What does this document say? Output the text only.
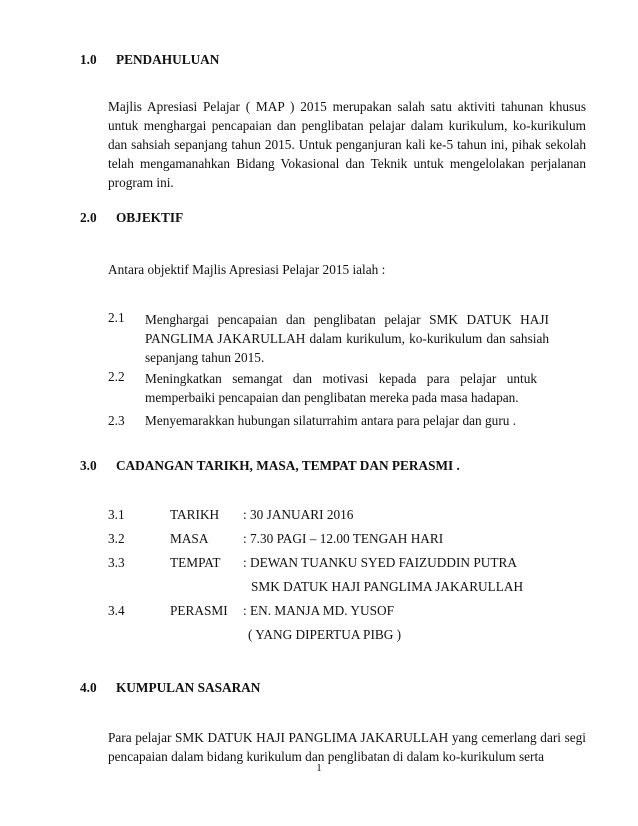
1.0 PENDAHULUAN
Majlis Apresiasi Pelajar ( MAP ) 2015 merupakan salah satu aktiviti tahunan khusus untuk menghargai pencapaian dan penglibatan pelajar dalam kurikulum, ko-kurikulum dan sahsiah sepanjang tahun 2015. Untuk penganjuran kali ke-5 tahun ini, pihak sekolah telah mengamanahkan Bidang Vokasional dan Teknik untuk mengelolakan perjalanan program ini.
2.0 OBJEKTIF
Antara objektif Majlis Apresiasi Pelajar 2015 ialah :
2.1 Menghargai pencapaian dan penglibatan pelajar SMK DATUK HAJI PANGLIMA JAKARULLAH dalam kurikulum, ko-kurikulum dan sahsiah sepanjang tahun 2015.
2.2 Meningkatkan semangat dan motivasi kepada para pelajar untuk memperbaiki pencapaian dan penglibatan mereka pada masa hadapan.
2.3 Menyemarakkan hubungan silaturrahim antara para pelajar dan guru .
3.0 CADANGAN TARIKH, MASA, TEMPAT DAN PERASMI .
3.1	TARIKH : 30 JANUARI 2016
3.2	MASA	: 7.30 PAGI – 12.00 TENGAH HARI
3.3	TEMPAT : DEWAN TUANKU SYED FAIZUDDIN PUTRA
SMK DATUK HAJI PANGLIMA JAKARULLAH
3.4	PERASMI : EN. MANJA MD. YUSOF
( YANG DIPERTUA PIBG )
4.0 KUMPULAN SASARAN
Para pelajar SMK DATUK HAJI PANGLIMA JAKARULLAH yang cemerlang dari segi pencapaian dalam bidang kurikulum dan penglibatan di dalam ko-kurikulum serta
1
